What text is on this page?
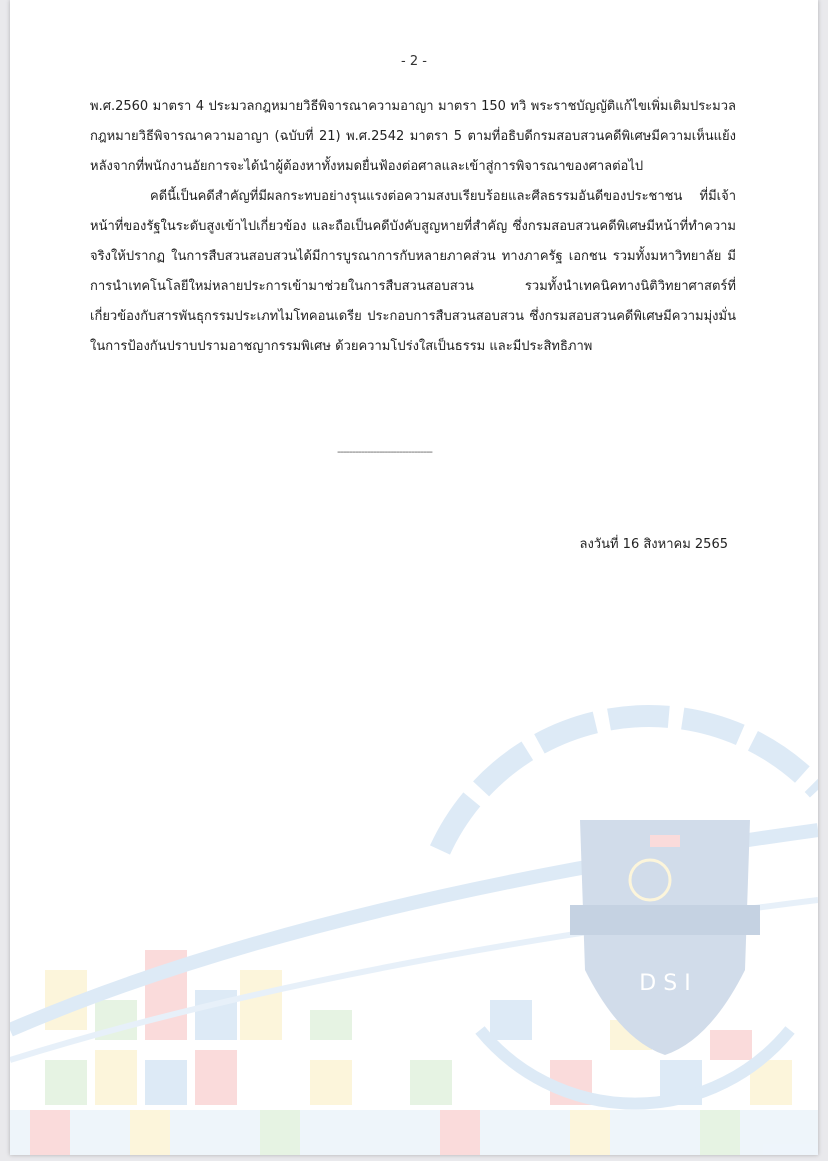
- 2 -

พ.ศ.2560 มาตรา 4 ประมวลกฎหมายวิธีพิจารณาความอาญา มาตรา 150 ทวิ พระราชบัญญัติแก้ไขเพิ่มเติมประมวลกฎหมายวิธีพิจารณาความอาญา (ฉบับที่ 21) พ.ศ.2542 มาตรา 5 ตามที่อธิบดีกรมสอบสวนคดีพิเศษมีความเห็นแย้ง หลังจากที่พนักงานอัยการจะได้นำผู้ต้องหาทั้งหมดยื่นฟ้องต่อศาลและเข้าสู่การพิจารณาของศาลต่อไป

คดีนี้เป็นคดีสำคัญที่มีผลกระทบอย่างรุนแรงต่อความสงบเรียบร้อยและศีลธรรมอันดีของประชาชน ที่มีเจ้าหน้าที่ของรัฐในระดับสูงเข้าไปเกี่ยวข้อง และถือเป็นคดีบังคับสูญหายที่สำคัญ ซึ่งกรมสอบสวนคดีพิเศษมีหน้าที่ทำความจริงให้ปรากฏ ในการสืบสวนสอบสวนได้มีการบูรณาการกับหลายภาคส่วน ทางภาครัฐ เอกชน รวมทั้งมหาวิทยาลัย มีการนำเทคโนโลยีใหม่หลายประการเข้ามาช่วยในการสืบสวนสอบสวน รวมทั้งนำเทคนิคทางนิติวิทยาศาสตร์ที่เกี่ยวข้องกับสารพันธุกรรมประเภทไมโทคอนเดรีย ประกอบการสืบสวนสอบสวน ซึ่งกรมสอบสวนคดีพิเศษมีความมุ่งมั่นในการป้องกันปราบปรามอาชญากรรมพิเศษ ด้วยความโปร่งใสเป็นธรรม และมีประสิทธิภาพ

--------------------------------
ลงวันที่ 16 สิงหาคม 2565
D S I
